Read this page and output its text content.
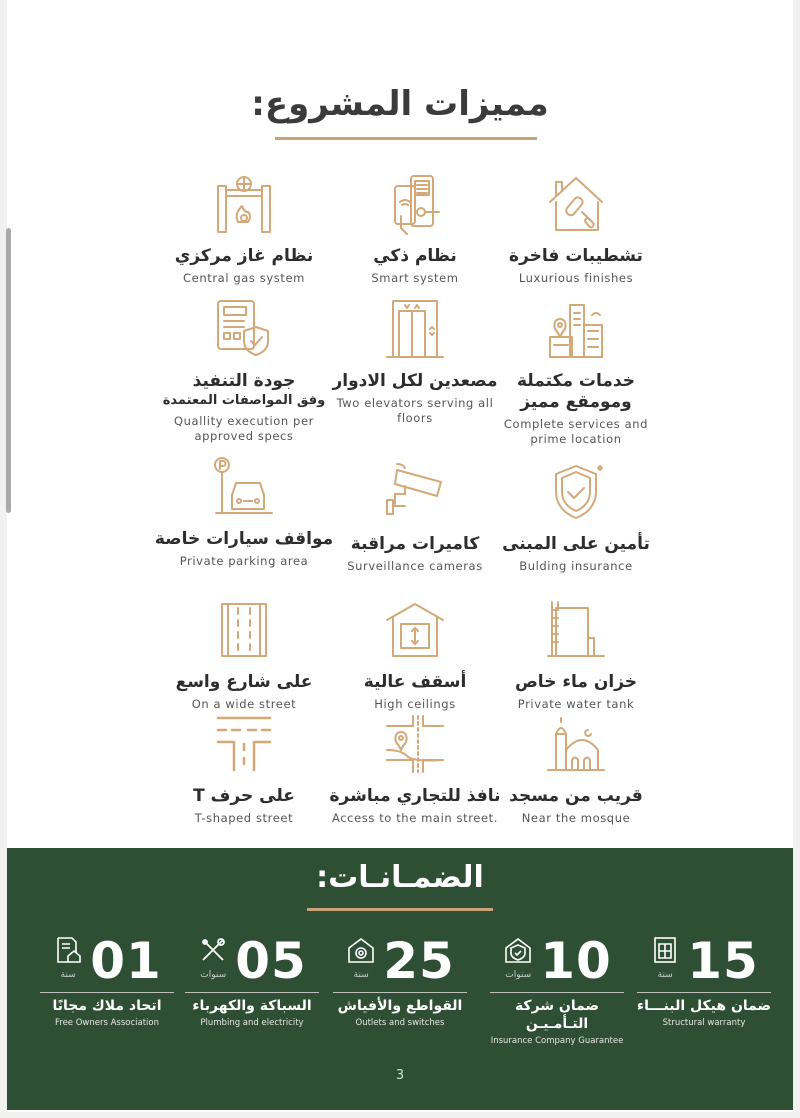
مميزات المشروع:
تشطيبات فاخرة
Luxurious finishes
نظام ذكي
Smart system
نظام غاز مركزي
Central gas system
خدمات مكتملة ومومقع مميز
Complete services and prime location
مصعدين لكل الادوار
Two elevators serving all floors
جودة التنفيذ
وفق المواصفات المعتمدة
Quallity execution per approved specs
تأمين على المبنى
Bulding insurance
كاميرات مراقبة
Surveillance cameras
مواقف سيارات خاصة
Private parking area
خزان ماء خاص
Private water tank
أسقف عالية
High ceilings
على شارع واسع
On a wide street
قريب من مسجد
Near the mosque
نافذ للتجاري مباشرة
Access to the main street.
على حرف T
T-shaped street
الضمـانـات:
سنة 15
ضمان هيكل البنـــاء
Structural warranty
سنوات 10
ضمان شركة التـأمـيـن
Insurance Company Guarantee
سنة 25
القواطع والأفياش
Outlets and switches
سنوات 05
السباكة والكهرباء
Plumbing and electricity
سنة 01
اتحاد ملاك مجانًا
Free Owners Association
3
